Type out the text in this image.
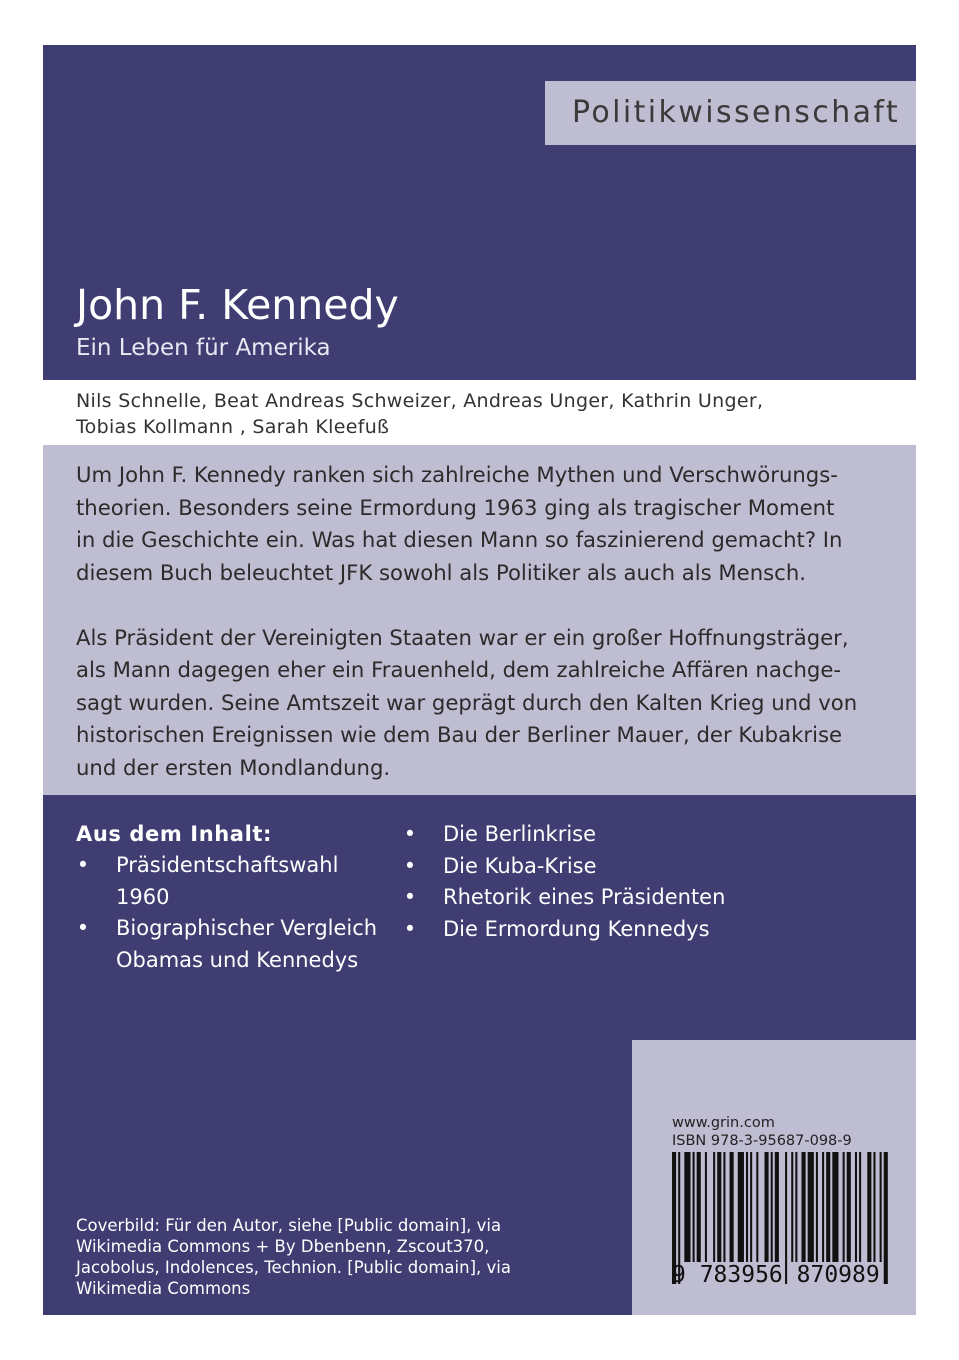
Politikwissenschaft
John F. Kennedy
Ein Leben für Amerika
Nils Schnelle, Beat Andreas Schweizer, Andreas Unger, Kathrin Unger,
Tobias Kollmann , Sarah Kleefuß
Um John F. Kennedy ranken sich zahlreiche Mythen und Verschwörungs-
theorien. Besonders seine Ermordung 1963 ging als tragischer Moment
in die Geschichte ein. Was hat diesen Mann so faszinierend gemacht? In
diesem Buch beleuchtet JFK sowohl als Politiker als auch als Mensch.
Als Präsident der Vereinigten Staaten war er ein großer Hoffnungsträger,
als Mann dagegen eher ein Frauenheld, dem zahlreiche Affären nachge-
sagt wurden. Seine Amtszeit war geprägt durch den Kalten Krieg und von
historischen Ereignissen wie dem Bau der Berliner Mauer, der Kubakrise
und der ersten Mondlandung.
Aus dem Inhalt:
• Präsidentschaftswahl
1960
• Biographischer Vergleich
Obamas und Kennedys
• Die Berlinkrise
• Die Kuba-Krise
• Rhetorik eines Präsidenten
• Die Ermordung Kennedys
Coverbild: Für den Autor, siehe [Public domain], via
Wikimedia Commons + By Dbenbenn, Zscout370,
Jacobolus, Indolences, Technion. [Public domain], via
Wikimedia Commons
www.grin.com
ISBN 978-3-95687-098-9
9 783956 870989
